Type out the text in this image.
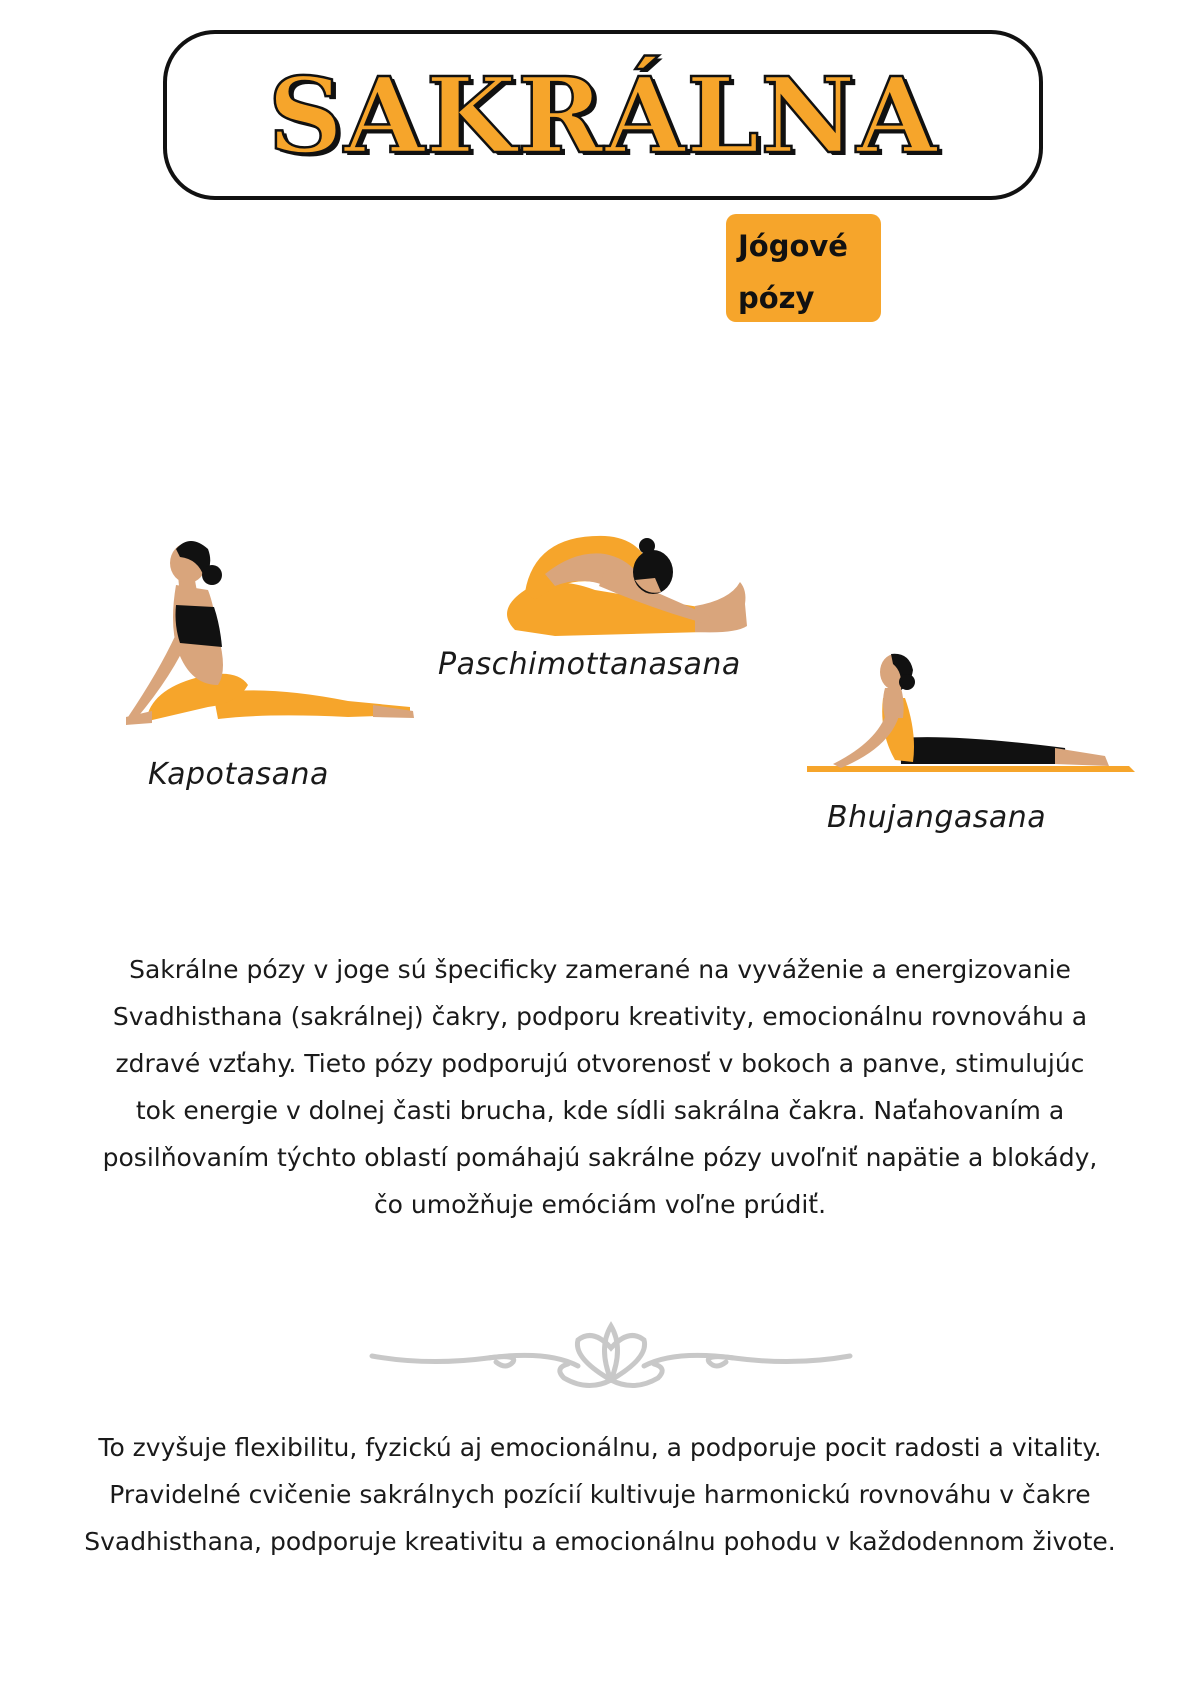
SAKRÁLNA
Jógové
pózy
Kapotasana
Paschimottanasana
Bhujangasana

Sakrálne pózy v joge sú špecificky zamerané na vyváženie a energizovanie Svadhisthana (sakrálnej) čakry, podporu kreativity, emocionálnu rovnováhu a zdravé vzťahy. Tieto pózy podporujú otvorenosť v bokoch a panve, stimulujúc tok energie v dolnej časti brucha, kde sídli sakrálna čakra. Naťahovaním a posilňovaním týchto oblastí pomáhajú sakrálne pózy uvoľniť napätie a blokády, čo umožňuje emóciám voľne prúdiť.

To zvyšuje flexibilitu, fyzickú aj emocionálnu, a podporuje pocit radosti a vitality. Pravidelné cvičenie sakrálnych pozícií kultivuje harmonickú rovnováhu v čakre Svadhisthana, podporuje kreativitu a emocionálnu pohodu v každodennom živote.
